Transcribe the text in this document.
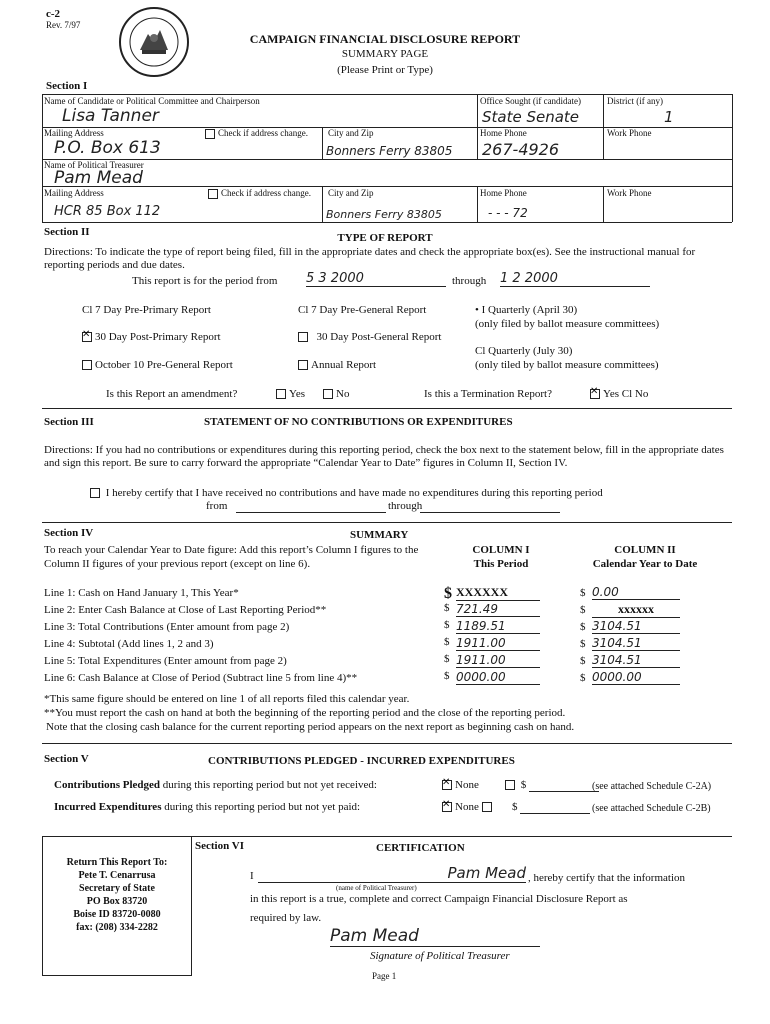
c-2
Rev. 7/97
CAMPAIGN FINANCIAL DISCLOSURE REPORT
SUMMARY PAGE
(Please Print or Type)
Section I
Name of Candidate or Political Committee and Chairperson
Lisa Tanner
Office Sought (if candidate)
State Senate
District (if any)
1
Mailing Address	Check if address change.
P.O. Box 613
City and Zip
Bonners Ferry 83805
Home Phone
267-4926
Work Phone
Name of Political Treasurer
Pam Mead
Mailing Address	Check if address change.
HCR 85 Box 112
City and Zip
Bonners Ferry 83805
Home Phone
- - - 72
Work Phone
Section II	TYPE OF REPORT
Directions: To indicate the type of report being filed, fill in the appropriate dates and check the appropriate box(es). See the instructional manual for reporting periods and due dates.
This report is for the period from 5 3 2000	through 1 2 2000
Cl 7 Day Pre-Primary Report	Cl 7 Day Pre-General Report	• I Quarterly (April 30)
(only filed by ballot measure committees)
✕30 Day Post-Primary Report	30 Day Post-General Report
Cl Quarterly (July 30)
(only tiled by ballot measure committees)
October 10 Pre-General Report	Annual Report
Is this Report an amendment?	Yes	No	Is this a Termination Report? ✕	Yes Cl No
Section III	STATEMENT OF NO CONTRIBUTIONS OR EXPENDITURES
Directions: If you had no contributions or expenditures during this reporting period, check the box next to the statement below, fill in the appropriate dates and sign this report. Be sure to carry forward the appropriate “Calendar Year to Date” figures in Column II, Section IV.
I hereby certify that I have received no contributions and have made no expenditures during this reporting period
from	through
Section IV	SUMMARY
To reach your Calendar Year to Date figure: Add this report’s Column I figures to the Column II figures of your previous report (except on line 6).
COLUMN I
This Period
COLUMN II
Calendar Year to Date
Line 1: Cash on Hand January 1, This Year*	$ XXXXXX	$ 0.00
Line 2: Enter Cash Balance at Close of Last Reporting Period**	$ 721.49	$	xxxxxx
Line 3: Total Contributions (Enter amount from page 2)	$ 1189.51	$ 3104.51
Line 4: Subtotal (Add lines 1, 2 and 3)	$ 1911.00	$ 3104.51
Line 5: Total Expenditures (Enter amount from page 2)	$ 1911.00	$ 3104.51
Line 6: Cash Balance at Close of Period (Subtract line 5 from line 4)**	$ 0000.00	$ 0000.00
*This same figure should be entered on line 1 of all reports filed this calendar year.
**You must report the cash on hand at both the beginning of the reporting period and the close of the reporting period.
Note that the closing cash balance for the current reporting period appears on the next report as beginning cash on hand.
Section V	CONTRIBUTIONS PLEDGED - INCURRED EXPENDITURES
Contributions Pledged during this reporting period but not yet received: ✕	None	$	(see attached Schedule C-2A)
Incurred Expenditures during this reporting period but not yet paid: ✕	None	$	(see attached Schedule C-2B)
Return This Report To:
Pete T. Cenarrusa
Secretary of State
PO Box 83720
Boise ID 83720-0080
fax: (208) 334-2282
Section VI	CERTIFICATION
I	Pam Mead , hereby certify that the information
(name of Political Treasurer)
in this report is a true, complete and correct Campaign Financial Disclosure Report as
required by law.
Pam Mead
Signature of Political Treasurer
Page 1
